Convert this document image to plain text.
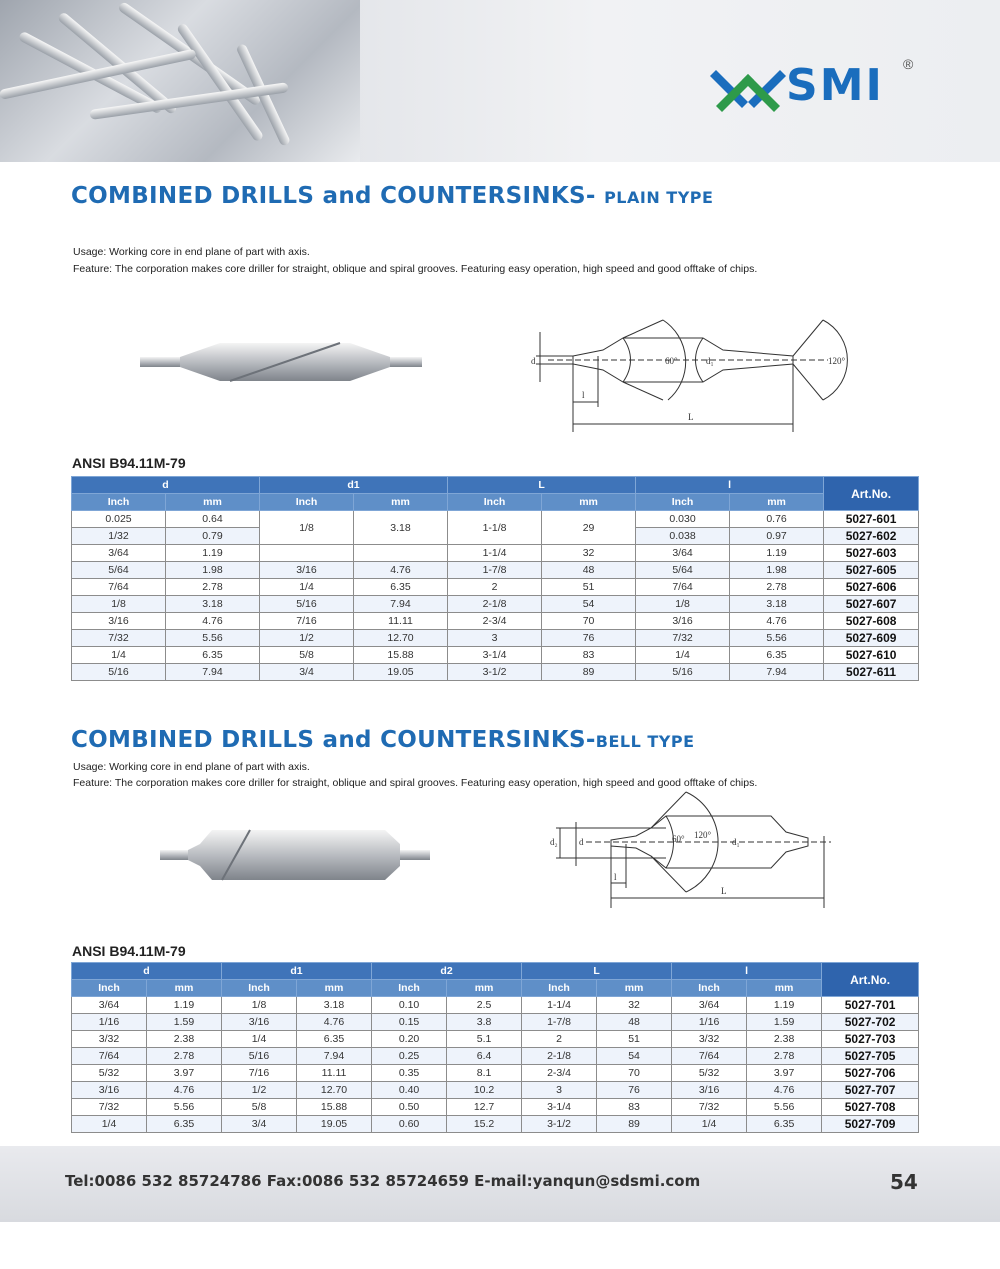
SMI ®
COMBINED DRILLS and COUNTERSINKS- PLAIN TYPE
Usage: Working core in end plane of part with axis.
Feature: The corporation makes core driller for straight, oblique and spiral grooves. Featuring easy operation, high speed and good offtake of chips.
60°	120°
d	d₁
l
L
ANSI B94.11M-79
d		d1		L		l		Art.No.
Inch	mm	Inch	mm	Inch	mm	Inch	mm	
0.025	0.64	1/8	3.18	1-1/8	29	0.030	0.76	5027-601
1/32	0.79					0.038	0.97	5027-602
3/64	1.19			1-1/4	32	3/64	1.19	5027-603
5/64	1.98	3/16	4.76	1-7/8	48	5/64	1.98	5027-605
7/64	2.78	1/4	6.35	2	51	7/64	2.78	5027-606
1/8	3.18	5/16	7.94	2-1/8	54	1/8	3.18	5027-607
3/16	4.76	7/16	11.11	2-3/4	70	3/16	4.76	5027-608
7/32	5.56	1/2	12.70	3	76	7/32	5.56	5027-609
1/4	6.35	5/8	15.88	3-1/4	83	1/4	6.35	5027-610
5/16	7.94	3/4	19.05	3-1/2	89	5/16	7.94	5027-611
COMBINED DRILLS and COUNTERSINKS-BELL TYPE
Usage: Working core in end plane of part with axis.
Feature: The corporation makes core driller for straight, oblique and spiral grooves. Featuring easy operation, high speed and good offtake of chips.
60° 120°
d₂ d	d₁
l
L
ANSI B94.11M-79
d		d1		d2		L		l		Art.No.
Inch	mm	Inch	mm	Inch	mm	Inch	mm	Inch	mm	
3/64	1.19	1/8	3.18	0.10	2.5	1-1/4	32	3/64	1.19	5027-701
1/16	1.59	3/16	4.76	0.15	3.8	1-7/8	48	1/16	1.59	5027-702
3/32	2.38	1/4	6.35	0.20	5.1	2	51	3/32	2.38	5027-703
7/64	2.78	5/16	7.94	0.25	6.4	2-1/8	54	7/64	2.78	5027-705
5/32	3.97	7/16	11.11	0.35	8.1	2-3/4	70	5/32	3.97	5027-706
3/16	4.76	1/2	12.70	0.40	10.2	3	76	3/16	4.76	5027-707
7/32	5.56	5/8	15.88	0.50	12.7	3-1/4	83	7/32	5.56	5027-708
1/4	6.35	3/4	19.05	0.60	15.2	3-1/2	89	1/4	6.35	5027-709
Tel:0086 532 85724786 Fax:0086 532 85724659 E-mail:yanqun@sdsmi.com	54
